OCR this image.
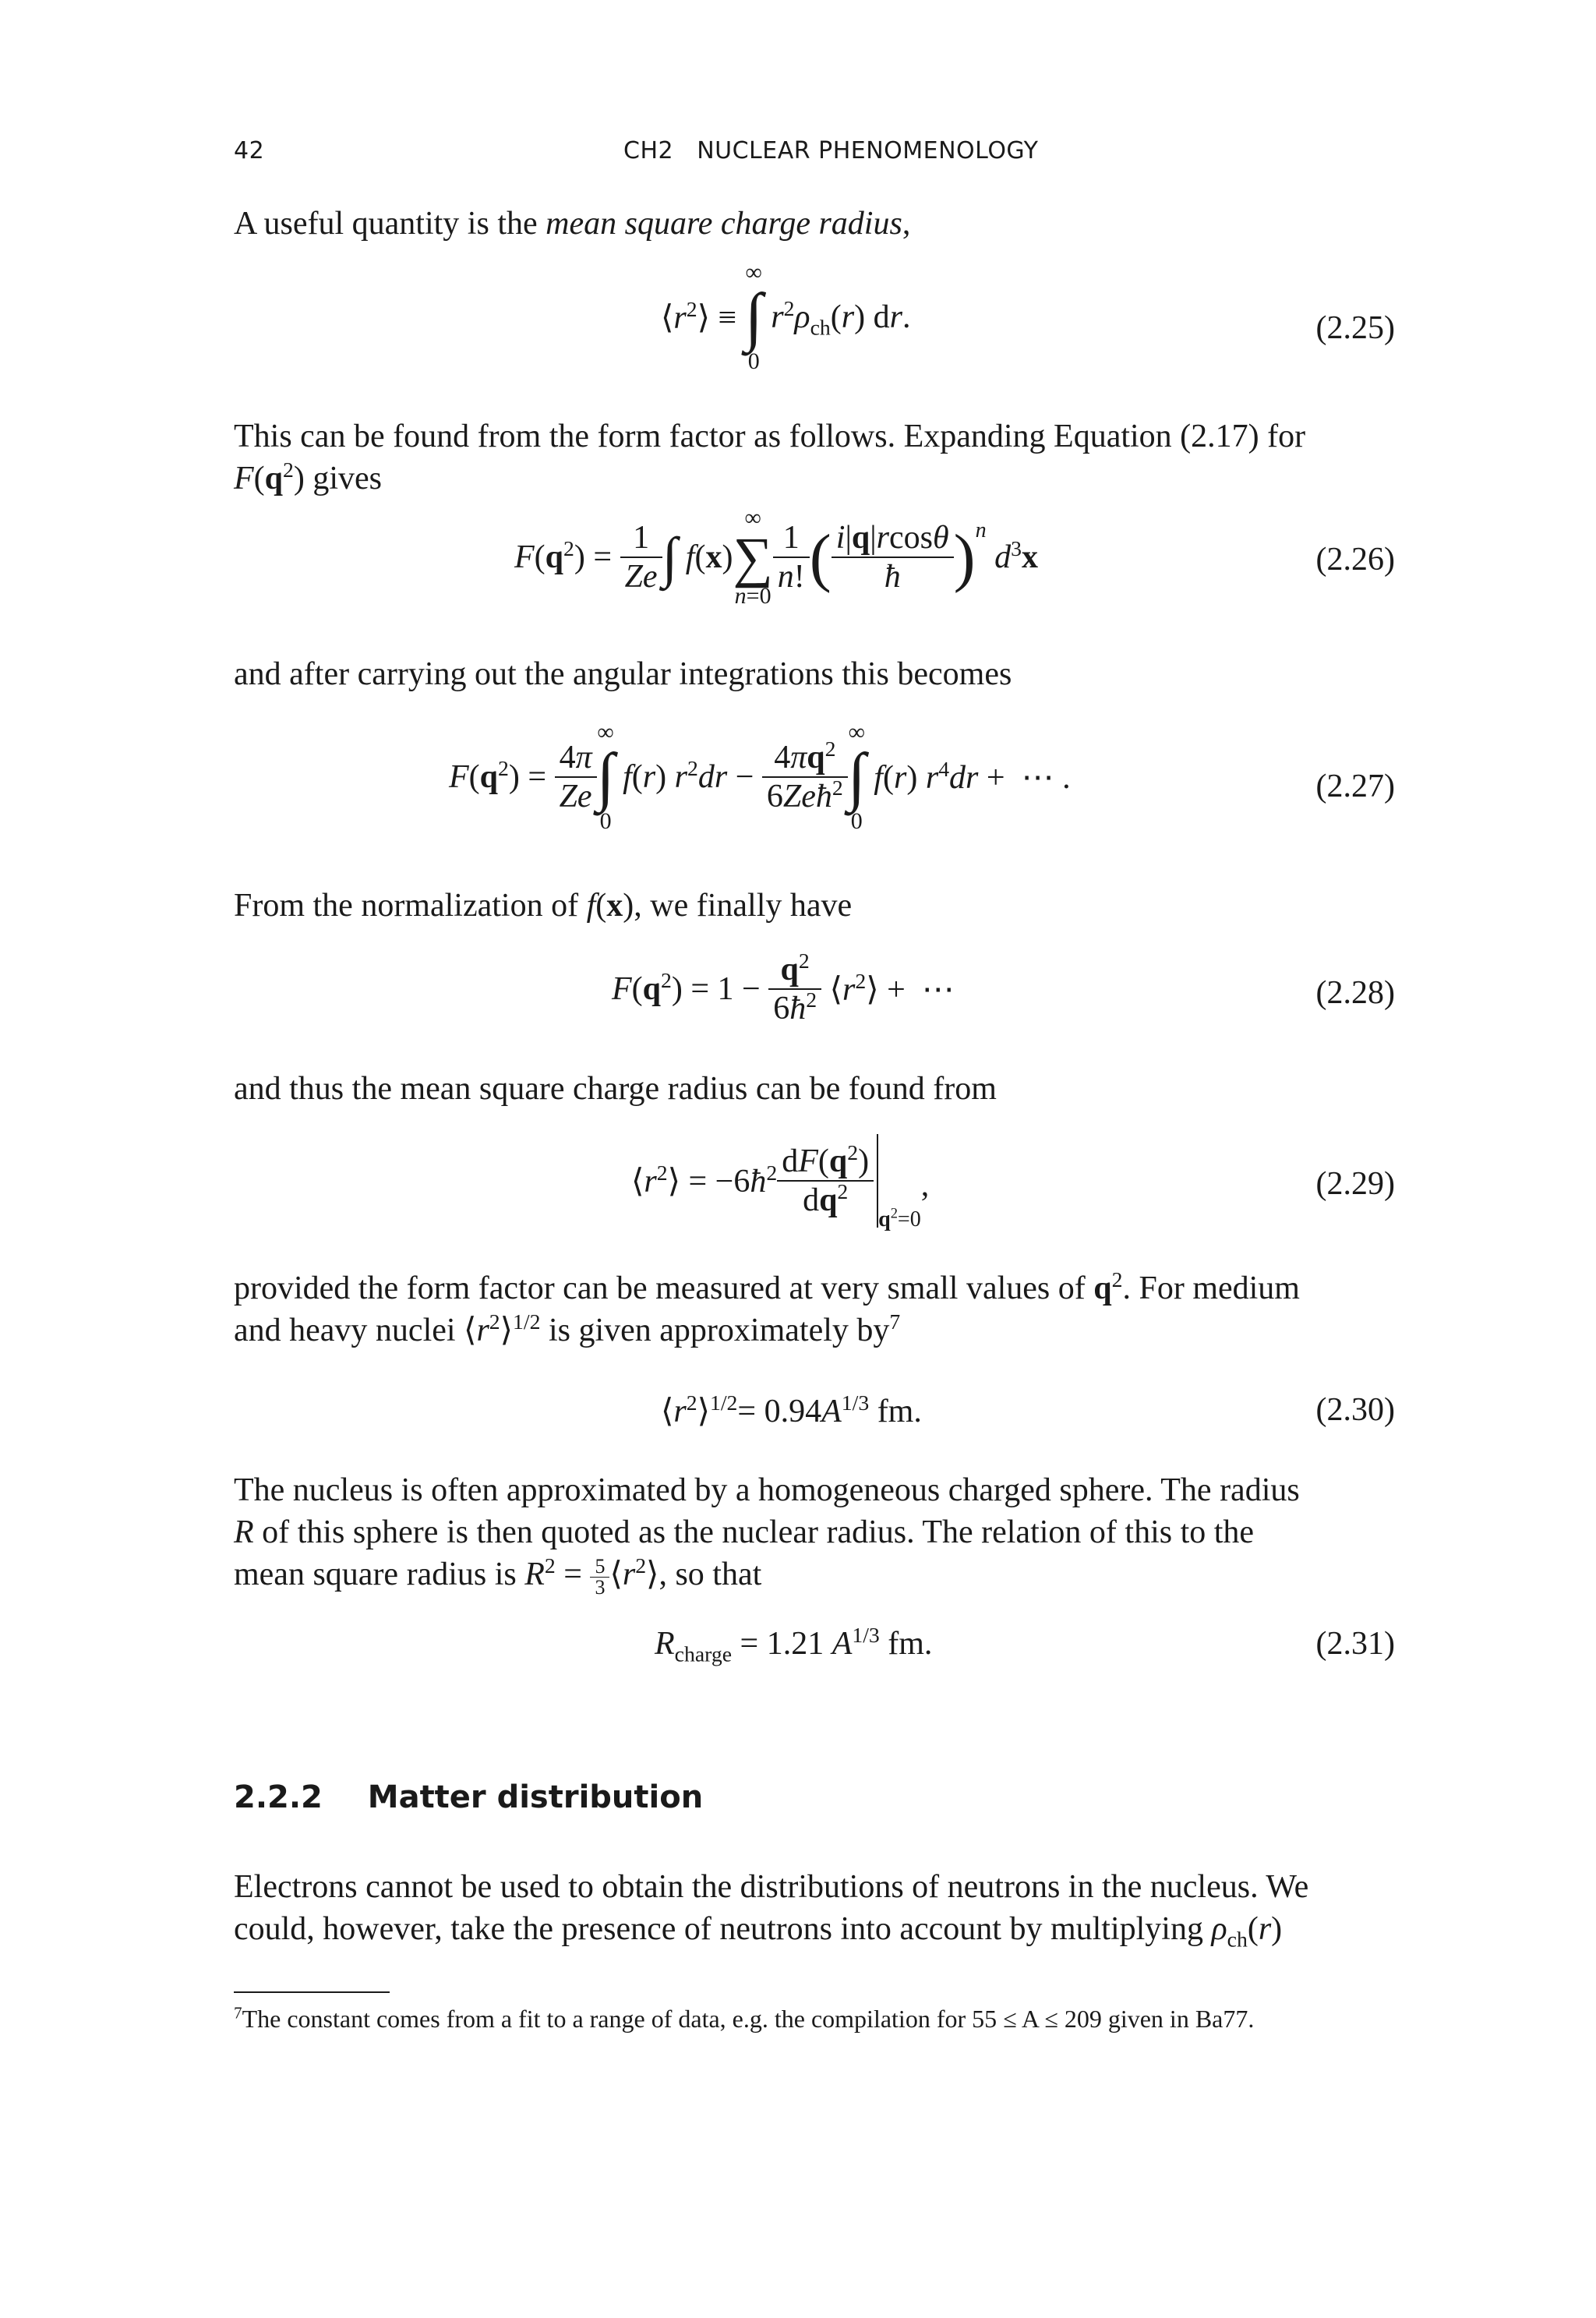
42	CH2   NUCLEAR PHENOMENOLOGY

A useful quantity is the mean square charge radius,

$⟨r^2⟩$ ≡
∞
∫
0
$r^2\rho_{ch}(r)$ dr.	(2.25)

This can be found from the form factor as follows. Expanding Equation (2.17) for

$F(q^2)$ gives

$F(q^2) = \frac{1}{Ze}$ ∫ f(x)
∞
∑
n=0
$\frac{1}{n!}$ ( $\frac{i|q|rcos\theta}{ħ}$ ) n
$d^3x$	(2.26)

and after carrying out the angular integrations this becomes

$F(q^2) = \frac{4\pi}{Ze}$
∞
∫
0
f(r) $r^2dr - \frac{4\pi q^2}{6Zeħ^2}$
∞
∫
0
f(r) $r^4dr$ +  ⋯ .	(2.27)

From the normalization of f(x), we finally have

$F(q^2) = 1 - \frac{q^2}{6ħ^2}$ $⟨r^2⟩$ +  ⋯	(2.28)

and thus the mean square charge radius can be found from

$⟨r^2⟩$ = $-6ħ^2 \frac{dF(q^2)}{dq^2}$
$q^2=0$
,	(2.29)

provided the form factor can be measured at very small values of $q^2$. For medium

and heavy nuclei $⟨r^2⟩^{1/2}$ is given approximately $by^7$

$⟨r^2⟩^{1/2}= 0.94A^{1/3}$ fm.	(2.30)

The nucleus is often approximated by a homogeneous charged sphere. The radius

R of this sphere is then quoted as the nuclear radius. The relation of this to the

mean square radius is $R^2 = \frac{5}{3}$ $⟨r^2⟩$, so that

$R_{charge} = 1.21$ $A^{1/3}$ fm.	(2.31)
2.2.2 Matter distribution

Electrons cannot be used to obtain the distributions of neutrons in the nucleus. We

could, however, take the presence of neutrons into account by multiplying $\rho_{ch}(r)$

$^7$The constant comes from a fit to a range of data, e.g. the compilation for 55 ≤ A ≤ 209 given in Ba77.
